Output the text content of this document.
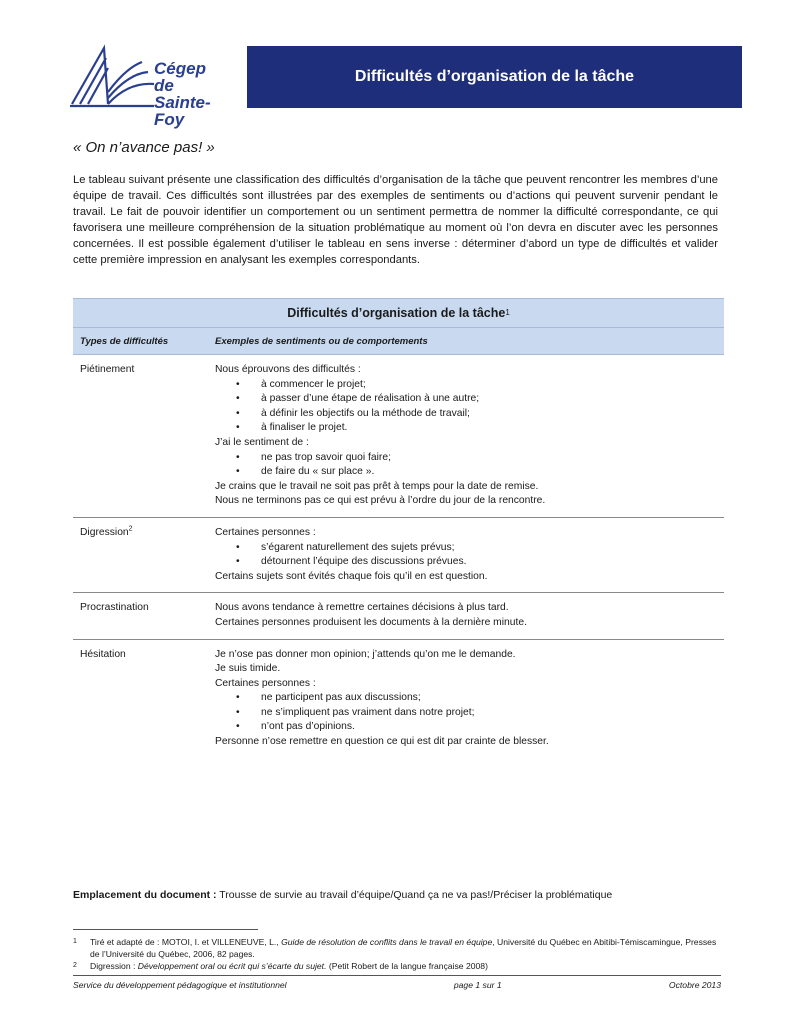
Cégep
de
Sainte-Foy
Difficultés d’organisation de la tâche
« On n’avance pas! »
Le tableau suivant présente une classification des difficultés d’organisation de la tâche que peuvent rencontrer les membres d’une équipe de travail. Ces difficultés sont illustrées par des exemples de sentiments ou d’actions qui peuvent survenir pendant le travail. Le fait de pouvoir identifier un comportement ou un sentiment permettra de nommer la difficulté correspondante, ce qui favorisera une meilleure compréhension de la situation problématique au moment où l’on devra en discuter avec les personnes concernées. Il est possible également d’utiliser le tableau en sens inverse : déterminer d’abord un type de difficultés et valider cette première impression en analysant les exemples correspondants.
Difficultés d’organisation de la tâche 1
Types de difficultés	Exemples de sentiments ou de comportements
Piétinement	Nous éprouvons des difficultés :
• à commencer le projet;
• à passer d’une étape de réalisation à une autre;
• à définir les objectifs ou la méthode de travail;
• à finaliser le projet.
J’ai le sentiment de :
• ne pas trop savoir quoi faire;
• de faire du « sur place ».
Je crains que le travail ne soit pas prêt à temps pour la date de remise.
Nous ne terminons pas ce qui est prévu à l’ordre du jour de la rencontre.
Digression$^2$	Certaines personnes :
• s’égarent naturellement des sujets prévus;
• détournent l’équipe des discussions prévues.
Certains sujets sont évités chaque fois qu’il en est question.
Procrastination	Nous avons tendance à remettre certaines décisions à plus tard.
Certaines personnes produisent les documents à la dernière minute.
Hésitation	Je n’ose pas donner mon opinion; j’attends qu’on me le demande.
Je suis timide.
Certaines personnes :
• ne participent pas aux discussions;
• ne s’impliquent pas vraiment dans notre projet;
• n’ont pas d’opinions.
Personne n’ose remettre en question ce qui est dit par crainte de blesser.
Emplacement du document : Trousse de survie au travail d’équipe/Quand ça ne va pas!/Préciser la problématique
1	Tiré et adapté de : MOTOI, I. et VILLENEUVE, L., Guide de résolution de conflits dans le travail en équipe, Université du Québec en Abitibi-Témiscamingue, Presses de l’Université du Québec, 2006, 82 pages.
2	Digression : Développement oral ou écrit qui s’écarte du sujet. (Petit Robert de la langue française 2008)
Service du développement pédagogique et institutionnel	page 1 sur 1	Octobre 2013
